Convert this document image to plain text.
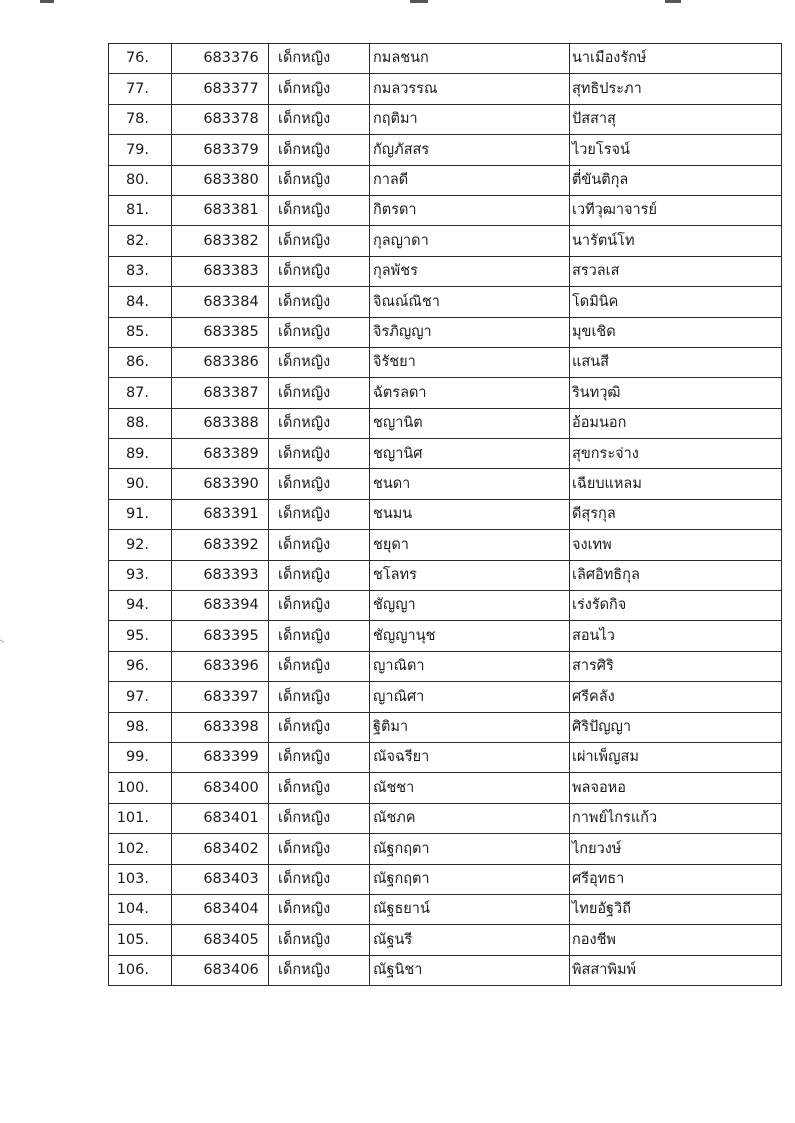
76.	683376	เด็กหญิง	กมลชนก	นาเมืองรักษ์
77.	683377	เด็กหญิง	กมลวรรณ	สุทธิประภา
78.	683378	เด็กหญิง	กฤติมา	ปัสสาสุ
79.	683379	เด็กหญิง	กัญภัสสร	ไวยโรจน์
80.	683380	เด็กหญิง	กาลดี	ตี่ขันติกุล
81.	683381	เด็กหญิง	กิตรดา	เวทีวุฒาจารย์
82.	683382	เด็กหญิง	กุลญาดา	นารัตน์โท
83.	683383	เด็กหญิง	กุลพัชร	สรวลเส
84.	683384	เด็กหญิง	จิณณ์ณิชา	โดมินิค
85.	683385	เด็กหญิง	จิรภิญญา	มุขเชิด
86.	683386	เด็กหญิง	จิรัชยา	แสนสี
87.	683387	เด็กหญิง	ฉัตรลดา	รินทวุฒิ
88.	683388	เด็กหญิง	ชญานิต	อ้อมนอก
89.	683389	เด็กหญิง	ชญานิศ	สุขกระจ่าง
90.	683390	เด็กหญิง	ชนดา	เฉียบแหลม
91.	683391	เด็กหญิง	ชนมน	ดีสุรกุล
92.	683392	เด็กหญิง	ชยุดา	จงเทพ
93.	683393	เด็กหญิง	ชโลทร	เลิศอิทธิกุล
94.	683394	เด็กหญิง	ชัญญา	เร่งรัดกิจ
95.	683395	เด็กหญิง	ชัญญานุช	สอนไว
96.	683396	เด็กหญิง	ญาณิดา	สารศิริ
97.	683397	เด็กหญิง	ญาณิศา	ศรีคลัง
98.	683398	เด็กหญิง	ฐิติมา	ศิริปัญญา
99.	683399	เด็กหญิง	ณัจฉรียา	เผ่าเพ็ญสม
100.	683400	เด็กหญิง	ณัชชา	พลจอหอ
101.	683401	เด็กหญิง	ณัชภค	กาพย์ไกรแก้ว
102.	683402	เด็กหญิง	ณัฐกฤตา	ไกยวงษ์
103.	683403	เด็กหญิง	ณัฐกฤตา	ศรีอุทธา
104.	683404	เด็กหญิง	ณัฐธยาน์	ไทยอัฐวิถี
105.	683405	เด็กหญิง	ณัฐนรี	กองชีพ
106.	683406	เด็กหญิง	ณัฐนิชา	พิสสาพิมพ์
